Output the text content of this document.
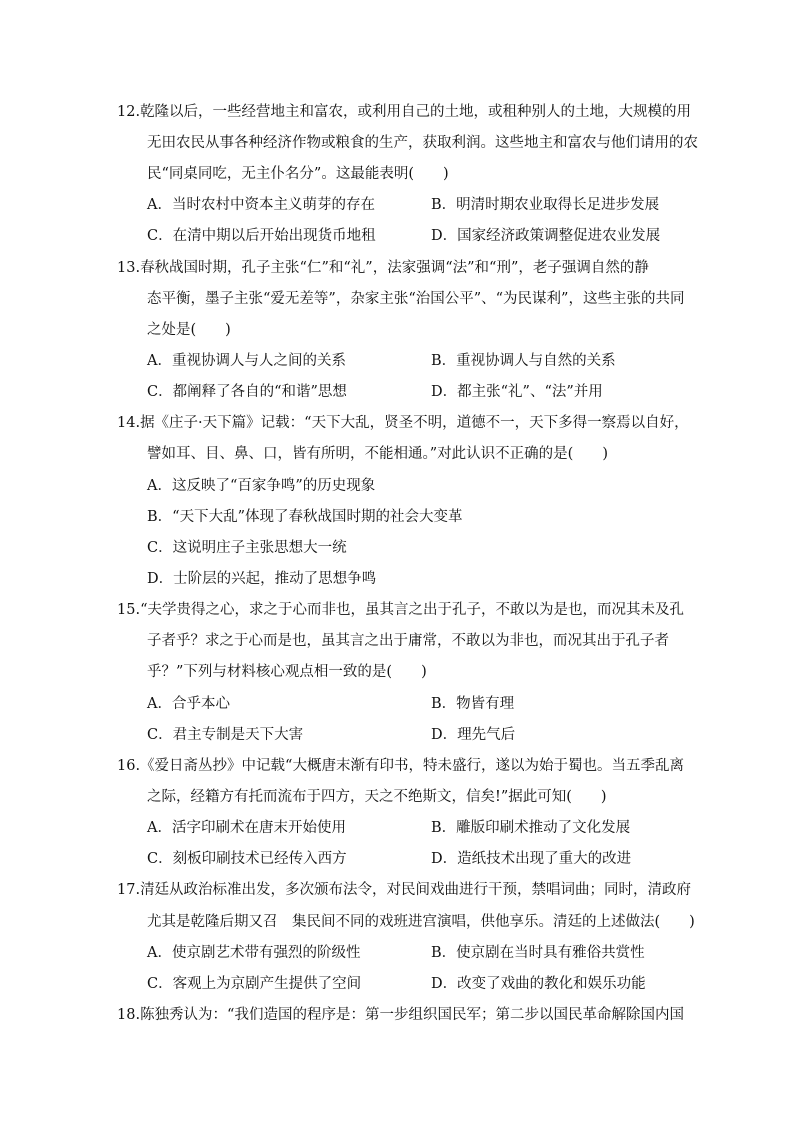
12.乾隆以后，一些经营地主和富农，或利用自己的土地，或租种别人的土地，大规模的用
无田农民从事各种经济作物或粮食的生产，获取利润。这些地主和富农与他们请用的农
民“同桌同吃，无主仆名分”。这最能表明(　　)
A．当时农村中资本主义萌芽的存在	B．明清时期农业取得长足进步发展
C．在清中期以后开始出现货币地租	D．国家经济政策调整促进农业发展
13.春秋战国时期，孔子主张“仁”和“礼”，法家强调“法”和“刑”，老子强调自然的静
态平衡，墨子主张“爱无差等”，杂家主张“治国公平”、“为民谋利”，这些主张的共同
之处是(　　)
A．重视协调人与人之间的关系	B．重视协调人与自然的关系
C．都阐释了各自的“和谐”思想	D．都主张“礼”、“法”并用
14.据《庄子·天下篇》记载：“天下大乱，贤圣不明，道德不一，天下多得一察焉以自好，
譬如耳、目、鼻、口，皆有所明，不能相通。”对此认识不正确的是(　　)
A．这反映了“百家争鸣”的历史现象
B．“天下大乱”体现了春秋战国时期的社会大变革
C．这说明庄子主张思想大一统
D．士阶层的兴起，推动了思想争鸣
15.“夫学贵得之心，求之于心而非也，虽其言之出于孔子，不敢以为是也，而况其未及孔
子者乎？求之于心而是也，虽其言之出于庸常，不敢以为非也，而况其出于孔子者
乎？”下列与材料核心观点相一致的是(　　)
A．合乎本心	B．物皆有理
C．君主专制是天下大害	D．理先气后
16.《爱日斋丛抄》中记载“大概唐末渐有印书，特未盛行，遂以为始于蜀也。当五季乱离
之际，经籍方有托而流布于四方，天之不绝斯文，信矣!”据此可知(　　)
A．活字印刷术在唐末开始使用	B．雕版印刷术推动了文化发展
C．刻板印刷技术已经传入西方	D．造纸技术出现了重大的改进
17.清廷从政治标准出发，多次颁布法令，对民间戏曲进行干预，禁唱词曲；同时，清政府
尤其是乾隆后期又召　集民间不同的戏班进宫演唱，供他享乐。清廷的上述做法(　　)
A．使京剧艺术带有强烈的阶级性	B．使京剧在当时具有雅俗共赏性
C．客观上为京剧产生提供了空间	D．改变了戏曲的教化和娱乐功能
18.陈独秀认为：“我们造国的程序是：第一步组织国民军；第二步以国民革命解除国内国
